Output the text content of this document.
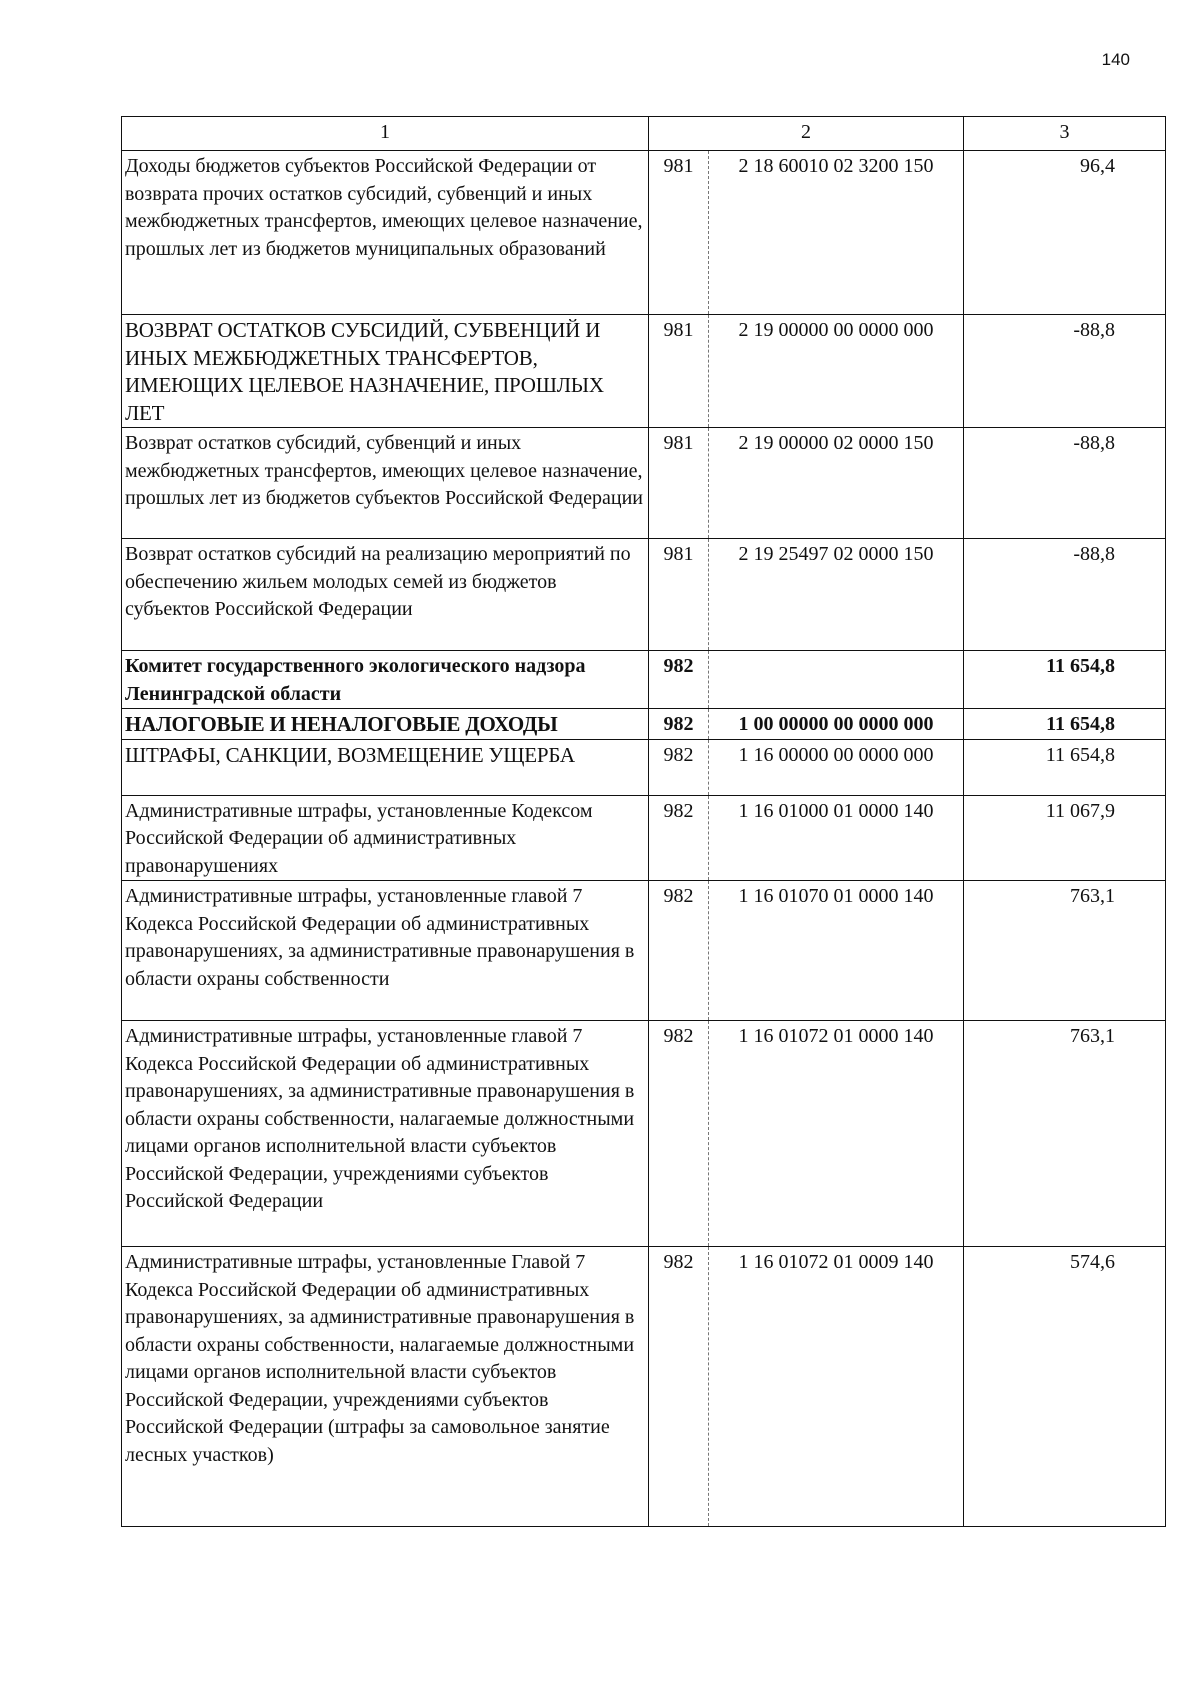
140
1	2		3
Доходы бюджетов субъектов Российской Федерации от возврата прочих остатков субсидий, субвенций и иных межбюджетных трансфертов, имеющих целевое назначение, прошлых лет из бюджетов муниципальных образований	981	2 18 60010 02 3200 150	96,4
ВОЗВРАТ ОСТАТКОВ СУБСИДИЙ, СУБВЕНЦИЙ И ИНЫХ МЕЖБЮДЖЕТНЫХ ТРАНСФЕРТОВ, ИМЕЮЩИХ ЦЕЛЕВОЕ НАЗНАЧЕНИЕ, ПРОШЛЫХ ЛЕТ	981	2 19 00000 00 0000 000	-88,8
Возврат остатков субсидий, субвенций и иных межбюджетных трансфертов, имеющих целевое назначение, прошлых лет из бюджетов субъектов Российской Федерации	981	2 19 00000 02 0000 150	-88,8
Возврат остатков субсидий на реализацию мероприятий по обеспечению жильем молодых семей из бюджетов субъектов Российской Федерации	981	2 19 25497 02 0000 150	-88,8
Комитет государственного экологического надзора Ленинградской области	982		11 654,8
НАЛОГОВЫЕ И НЕНАЛОГОВЫЕ ДОХОДЫ	982	1 00 00000 00 0000 000	11 654,8
ШТРАФЫ, САНКЦИИ, ВОЗМЕЩЕНИЕ УЩЕРБА	982	1 16 00000 00 0000 000	11 654,8
Административные штрафы, установленные Кодексом Российской Федерации об административных правонарушениях	982	1 16 01000 01 0000 140	11 067,9
Административные штрафы, установленные главой 7 Кодекса Российской Федерации об административных правонарушениях, за административные правонарушения в области охраны собственности	982	1 16 01070 01 0000 140	763,1
Административные штрафы, установленные главой 7 Кодекса Российской Федерации об административных правонарушениях, за административные правонарушения в области охраны собственности, налагаемые должностными лицами органов исполнительной власти субъектов Российской Федерации, учреждениями субъектов Российской Федерации	982	1 16 01072 01 0000 140	763,1
Административные штрафы, установленные Главой 7 Кодекса Российской Федерации об административных правонарушениях, за административные правонарушения в области охраны собственности, налагаемые должностными лицами органов исполнительной власти субъектов Российской Федерации, учреждениями субъектов Российской Федерации (штрафы за самовольное занятие лесных участков)	982	1 16 01072 01 0009 140	574,6
